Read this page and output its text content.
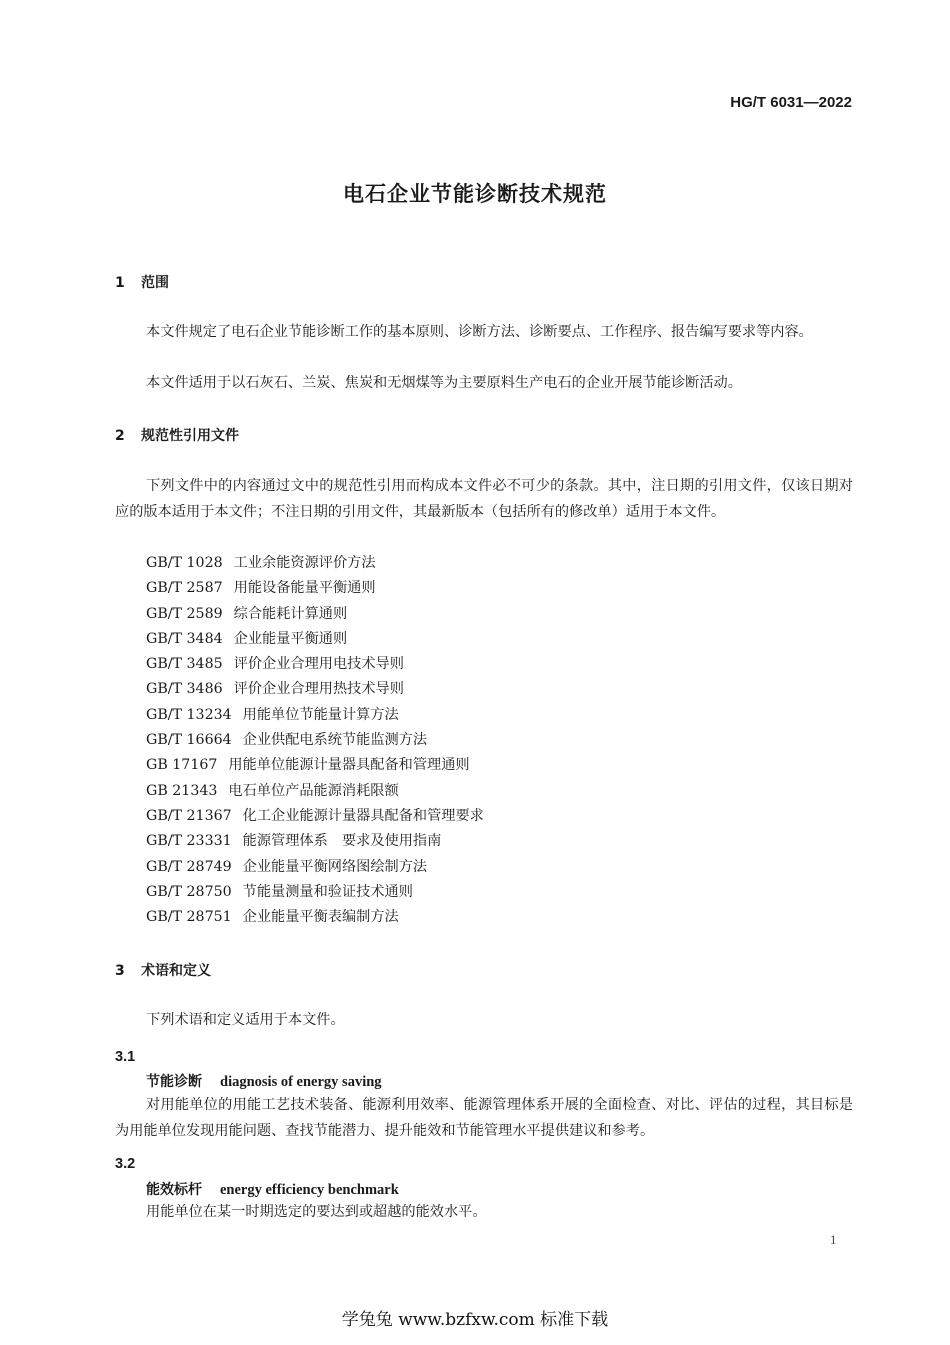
HG/T 6031—2022
电石企业节能诊断技术规范
1 范围
本文件规定了电石企业节能诊断工作的基本原则、诊断方法、诊断要点、工作程序、报告编写要求等内容。
本文件适用于以石灰石、兰炭、焦炭和无烟煤等为主要原料生产电石的企业开展节能诊断活动。
2 规范性引用文件
下列文件中的内容通过文中的规范性引用而构成本文件必不可少的条款。其中，注日期的引用文件，仅该日期对应的版本适用于本文件；不注日期的引用文件，其最新版本（包括所有的修改单）适用于本文件。
GB/T 1028 工业余能资源评价方法
GB/T 2587 用能设备能量平衡通则
GB/T 2589 综合能耗计算通则
GB/T 3484 企业能量平衡通则
GB/T 3485 评价企业合理用电技术导则
GB/T 3486 评价企业合理用热技术导则
GB/T 13234 用能单位节能量计算方法
GB/T 16664 企业供配电系统节能监测方法
GB 17167 用能单位能源计量器具配备和管理通则
GB 21343 电石单位产品能源消耗限额
GB/T 21367 化工企业能源计量器具配备和管理要求
GB/T 23331 能源管理体系　要求及使用指南
GB/T 28749 企业能量平衡网络图绘制方法
GB/T 28750 节能量测量和验证技术通则
GB/T 28751 企业能量平衡表编制方法
3 术语和定义
下列术语和定义适用于本文件。
3.1
节能诊断 diagnosis of energy saving
对用能单位的用能工艺技术装备、能源利用效率、能源管理体系开展的全面检查、对比、评估的过程，其目标是为用能单位发现用能问题、查找节能潜力、提升能效和节能管理水平提供建议和参考。
3.2
能效标杆 energy efficiency benchmark
用能单位在某一时期选定的要达到或超越的能效水平。
1
学兔兔 www.bzfxw.com 标准下载
